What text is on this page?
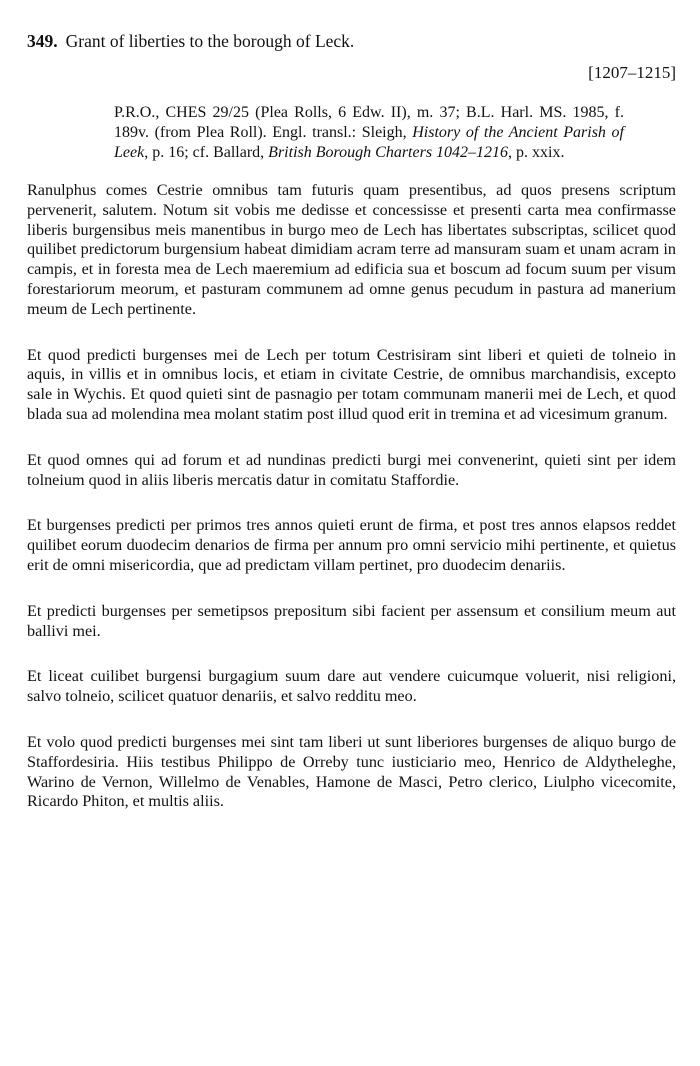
349. Grant of liberties to the borough of Leck.

[1207–1215]
P.R.O., CHES 29/25 (Plea Rolls, 6 Edw. II), m. 37; B.L. Harl. MS. 1985, f. 189v. (from Plea Roll). Engl. transl.: Sleigh, History of the Ancient Parish of Leek, p. 16; cf. Ballard, British Borough Charters 1042–1216, p. xxix.

Ranulphus comes Cestrie omnibus tam futuris quam presentibus, ad quos presens scriptum pervenerit, salutem. Notum sit vobis me dedisse et concessisse et presenti carta mea confirmasse liberis burgensibus meis manentibus in burgo meo de Lech has libertates subscriptas, scilicet quod quilibet predictorum burgensium habeat dimidiam acram terre ad mansuram suam et unam acram in campis, et in foresta mea de Lech maeremium ad edificia sua et boscum ad focum suum per visum forestariorum meorum, et pasturam communem ad omne genus pecudum in pastura ad manerium meum de Lech pertinente.

Et quod predicti burgenses mei de Lech per totum Cestrisiram sint liberi et quieti de tolneio in aquis, in villis et in omnibus locis, et etiam in civitate Cestrie, de omnibus marchandisis, excepto sale in Wychis. Et quod quieti sint de pasnagio per totam communam manerii mei de Lech, et quod blada sua ad molendina mea molant statim post illud quod erit in tremina et ad vicesimum granum.

Et quod omnes qui ad forum et ad nundinas predicti burgi mei convenerint, quieti sint per idem tolneium quod in aliis liberis mercatis datur in comitatu Staffordie.

Et burgenses predicti per primos tres annos quieti erunt de firma, et post tres annos elapsos reddet quilibet eorum duodecim denarios de firma per annum pro omni servicio mihi pertinente, et quietus erit de omni misericordia, que ad predictam villam pertinet, pro duodecim denariis.

Et predicti burgenses per semetipsos prepositum sibi facient per assensum et consilium meum aut ballivi mei.

Et liceat cuilibet burgensi burgagium suum dare aut vendere cuicumque voluerit, nisi religioni, salvo tolneio, scilicet quatuor denariis, et salvo redditu meo.

Et volo quod predicti burgenses mei sint tam liberi ut sunt liberiores burgenses de aliquo burgo de Staffordesiria. Hiis testibus Philippo de Orreby tunc iusticiario meo, Henrico de Aldytheleghe, Warino de Vernon, Willelmo de Venables, Hamone de Masci, Petro clerico, Liulpho vicecomite, Ricardo Phiton, et multis aliis.
